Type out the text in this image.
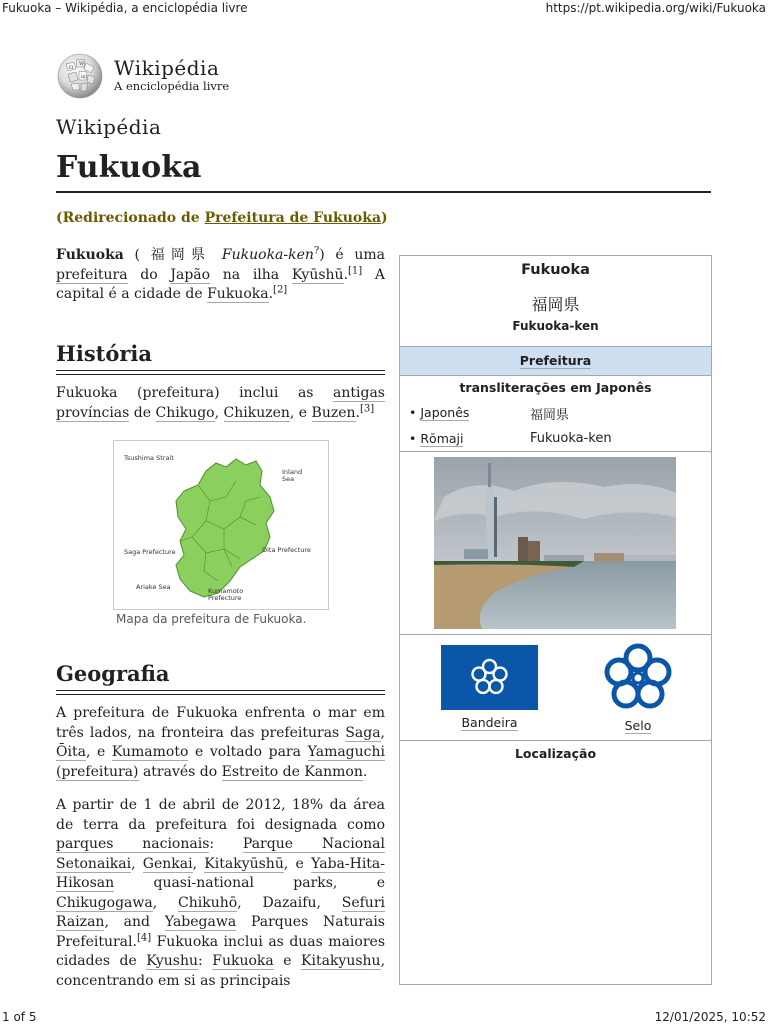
Fukuoka – Wikipédia, a enciclopédia livre	https://pt.wikipedia.org/wiki/Fukuoka
Ω
W
ш Wikipédia
A enciclopédia livre
Wikipédia
Fukuoka
(Redirecionado de Prefeitura de Fukuoka)

Fukuoka ( 福岡県 Fukuoka-ken?) é uma prefeitura do Japão na ilha Kyūshū.[1] A capital é a cidade de Fukuoka.[2]

História

Fukuoka (prefeitura) inclui as antigas províncias de Chikugo, Chikuzen, e Buzen.[3]

Tsushima Strait
Inland Sea
Saga Prefecture	Oita Prefecture
Ariake Sea	Kumamoto Prefecture
Mapa da prefeitura de Fukuoka.
Geografia

A prefeitura de Fukuoka enfrenta o mar em três lados, na fronteira das prefeituras Saga, Ōita, e Kumamoto e voltado para Yamaguchi (prefeitura) através do Estreito de Kanmon.

A partir de 1 de abril de 2012, 18% da área de terra da prefeitura foi designada como parques nacionais: Parque Nacional Setonaikai, Genkai, Kitakyūshū, e Yaba-Hita-Hikosan quasi-national parks, e Chikugogawa, Chikuhō, Dazaifu, Sefuri Raizan, and Yabegawa Parques Naturais Prefeitural.[4] Fukuoka inclui as duas maiores cidades de Kyushu: Fukuoka e Kitakyushu, concentrando em si as principais

Fukuoka
福岡県
Fukuoka-ken
Prefeitura
transliterações em Japonês
• Japonês	福岡県
• Rōmaji	Fukuoka-ken
Bandeira	Selo
Localização
1 of 5	12/01/2025, 10:52
